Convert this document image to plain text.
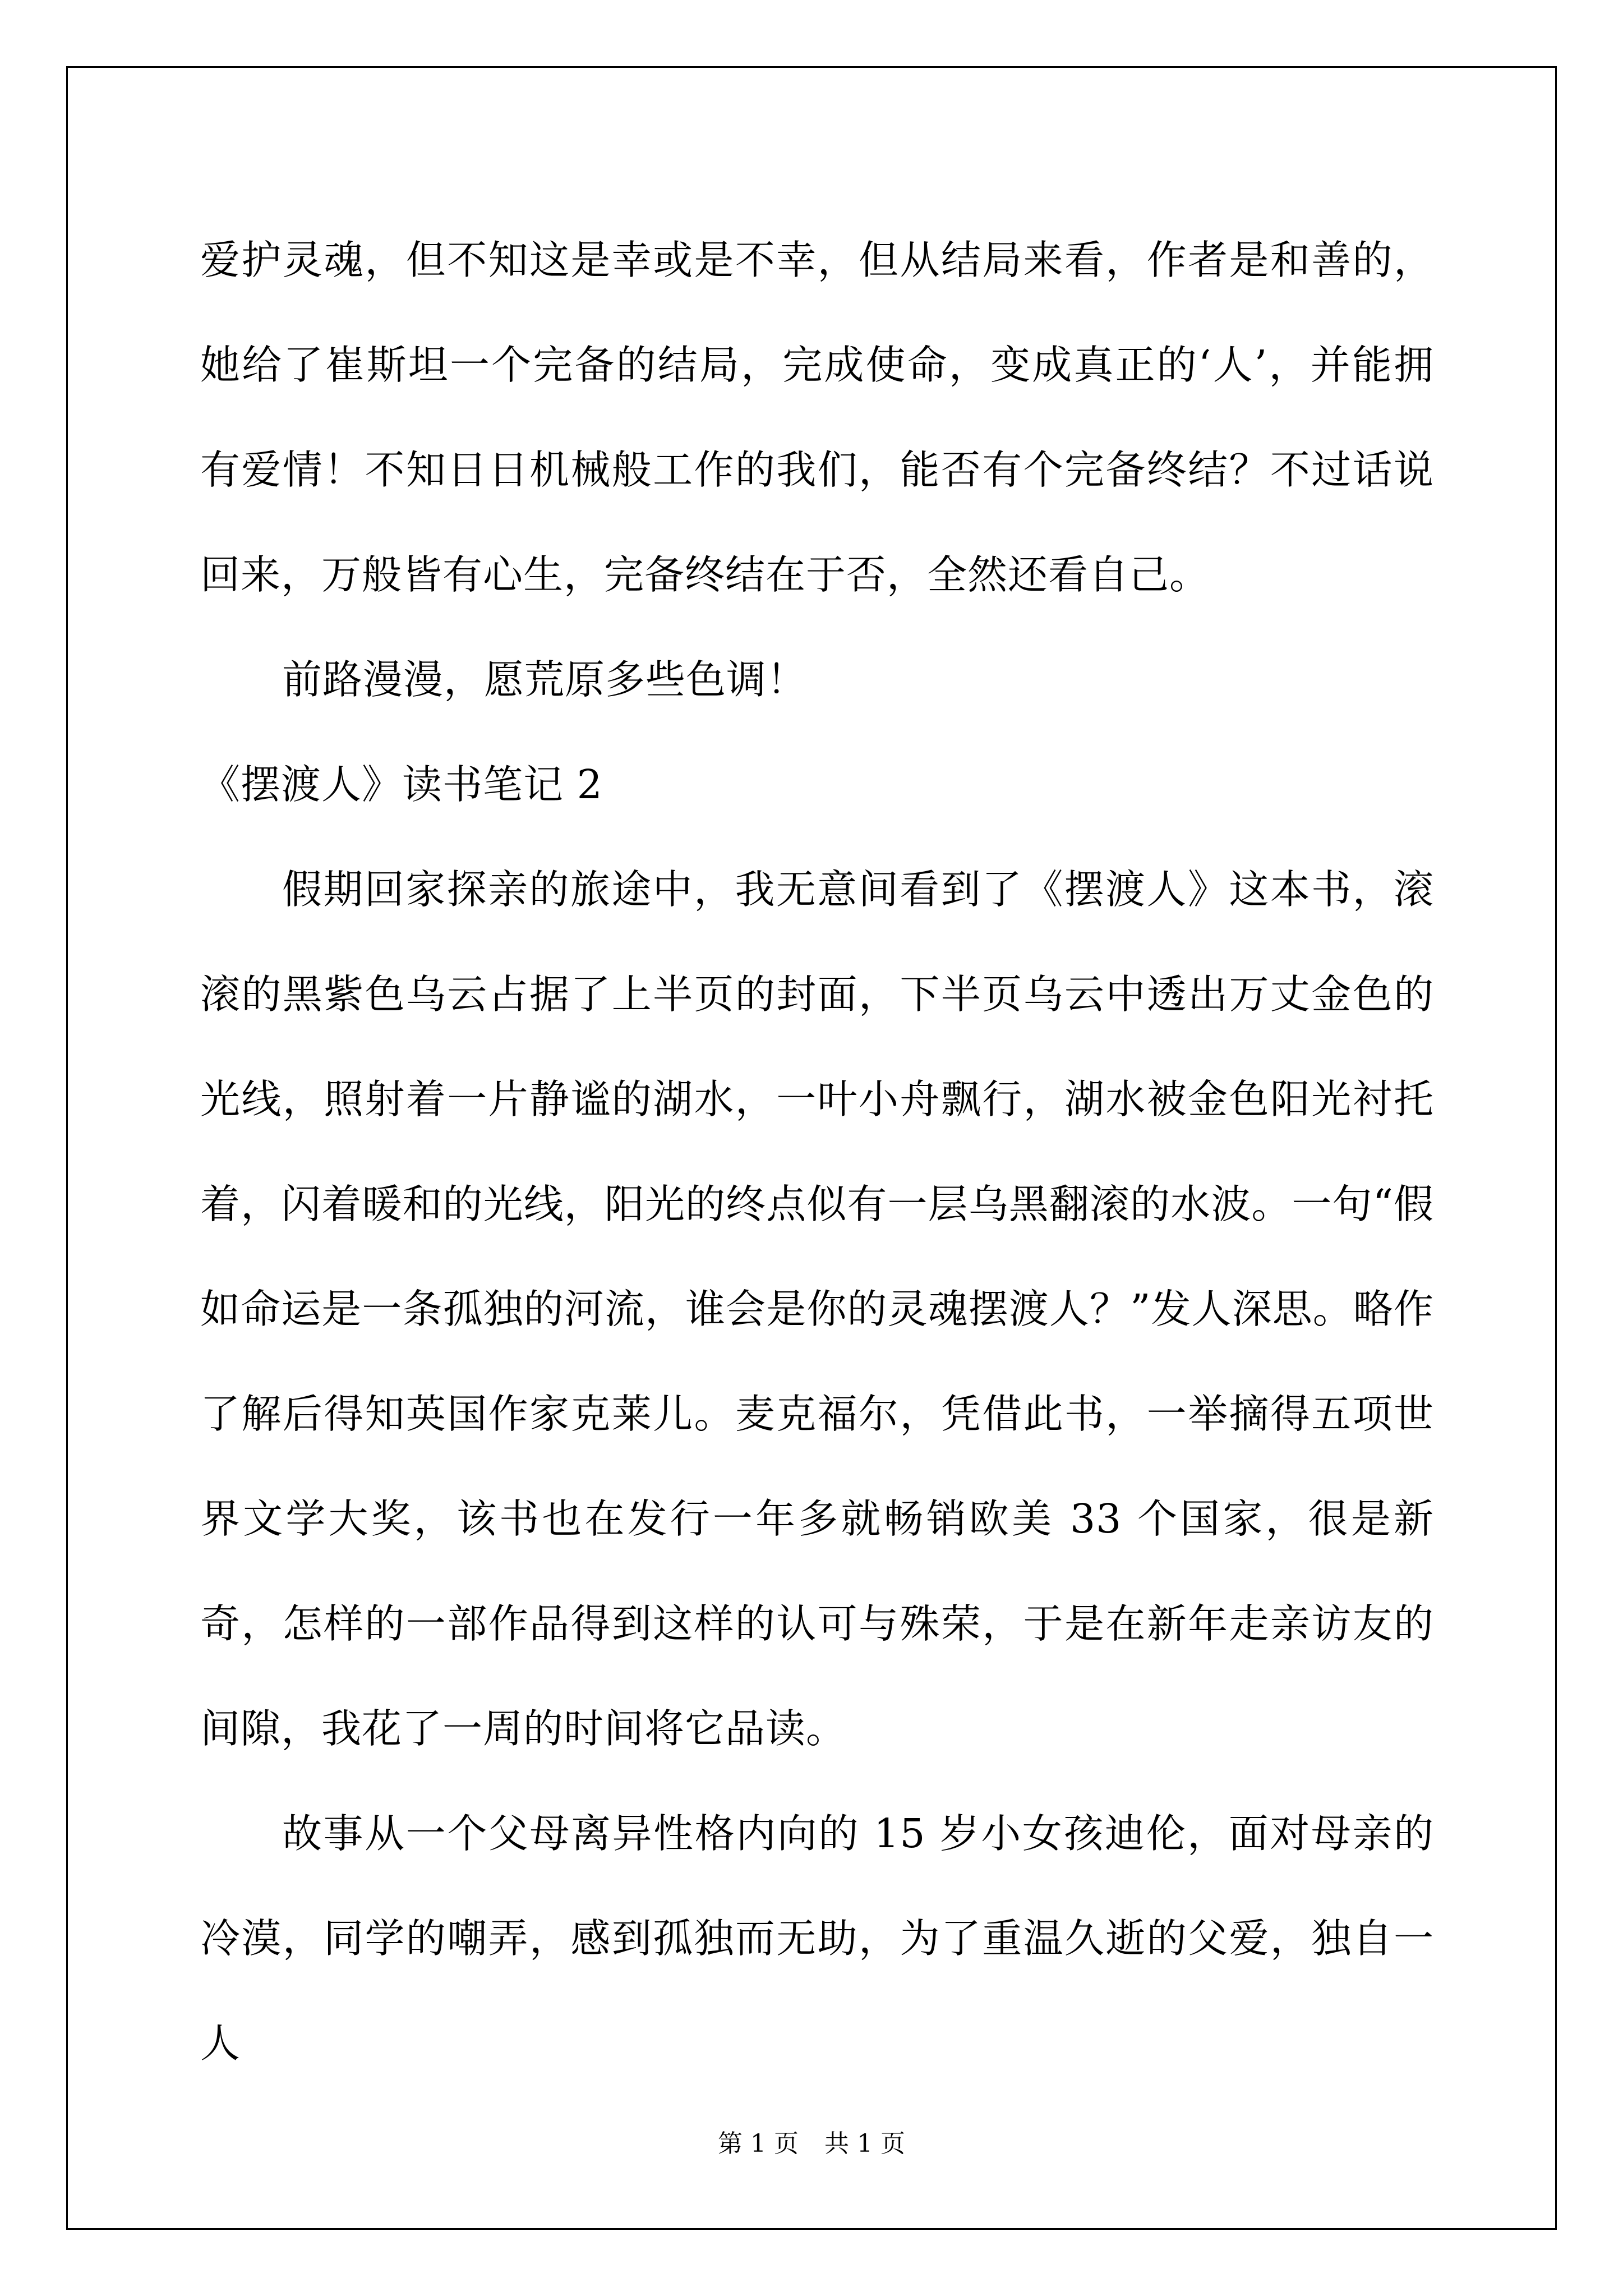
爱护灵魂，但不知这是幸或是不幸，但从结局来看，作者是和善的，她给了崔斯坦一个完备的结局，完成使命，变成真正的‘人’，并能拥有爱情！不知日日机械般工作的我们，能否有个完备终结？不过话说回来，万般皆有心生，完备终结在于否，全然还看自己。

前路漫漫，愿荒原多些色调！

《摆渡人》读书笔记 2

假期回家探亲的旅途中，我无意间看到了《摆渡人》这本书，滚滚的黑紫色乌云占据了上半页的封面，下半页乌云中透出万丈金色的光线，照射着一片静谧的湖水，一叶小舟飘行，湖水被金色阳光衬托着，闪着暖和的光线，阳光的终点似有一层乌黑翻滚的水波。一句“假如命运是一条孤独的河流，谁会是你的灵魂摆渡人？”发人深思。略作了解后得知英国作家克莱儿。麦克福尔，凭借此书，一举摘得五项世界文学大奖，该书也在发行一年多就畅销欧美 33 个国家，很是新奇，怎样的一部作品得到这样的认可与殊荣，于是在新年走亲访友的间隙，我花了一周的时间将它品读。

故事从一个父母离异性格内向的 15 岁小女孩迪伦，面对母亲的冷漠，同学的嘲弄，感到孤独而无助，为了重温久逝的父爱，独自一人

第 1 页 共 1 页
